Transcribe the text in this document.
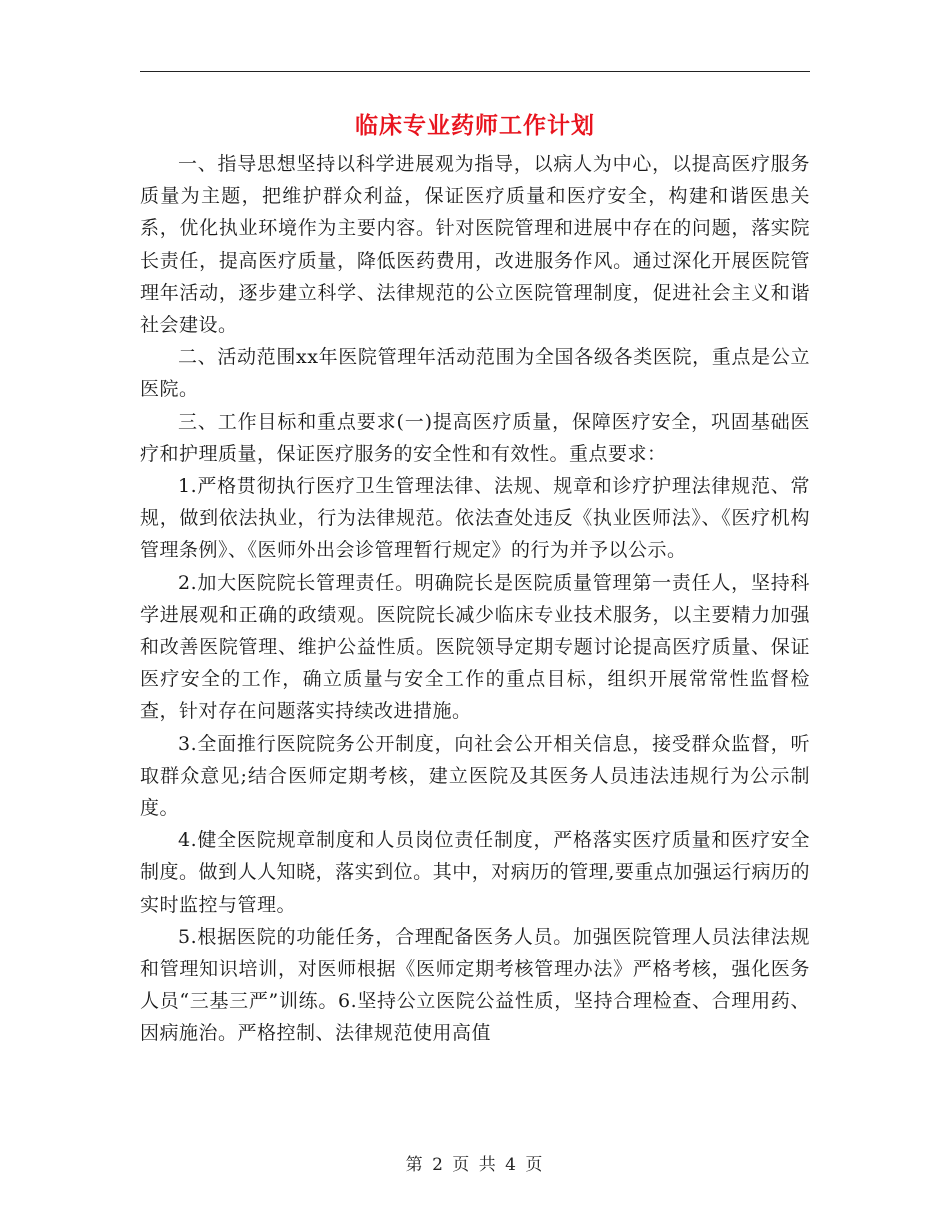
临床专业药师工作计划

一、指导思想坚持以科学进展观为指导，以病人为中心，以提高医疗服务质量为主题，把维护群众利益，保证医疗质量和医疗安全，构建和谐医患关系，优化执业环境作为主要内容。针对医院管理和进展中存在的问题，落实院长责任，提高医疗质量，降低医药费用，改进服务作风。通过深化开展医院管理年活动，逐步建立科学、法律规范的公立医院管理制度，促进社会主义和谐社会建设。

二、活动范围xx年医院管理年活动范围为全国各级各类医院，重点是公立医院。

三、工作目标和重点要求(一)提高医疗质量，保障医疗安全，巩固基础医疗和护理质量，保证医疗服务的安全性和有效性。重点要求：

1.严格贯彻执行医疗卫生管理法律、法规、规章和诊疗护理法律规范、常规，做到依法执业，行为法律规范。依法查处违反《执业医师法》、《医疗机构管理条例》、《医师外出会诊管理暂行规定》的行为并予以公示。

2.加大医院院长管理责任。明确院长是医院质量管理第一责任人，坚持科学进展观和正确的政绩观。医院院长减少临床专业技术服务，以主要精力加强和改善医院管理、维护公益性质。医院领导定期专题讨论提高医疗质量、保证医疗安全的工作，确立质量与安全工作的重点目标，组织开展常常性监督检查，针对存在问题落实持续改进措施。

3.全面推行医院院务公开制度，向社会公开相关信息，接受群众监督，听取群众意见;结合医师定期考核，建立医院及其医务人员违法违规行为公示制度。

4.健全医院规章制度和人员岗位责任制度，严格落实医疗质量和医疗安全制度。做到人人知晓，落实到位。其中，对病历的管理,要重点加强运行病历的实时监控与管理。

5.根据医院的功能任务，合理配备医务人员。加强医院管理人员法律法规和管理知识培训，对医师根据《医师定期考核管理办法》严格考核，强化医务人员“三基三严”训练。6.坚持公立医院公益性质，坚持合理检查、合理用药、因病施治。严格控制、法律规范使用高值

第 2 页 共 4 页
